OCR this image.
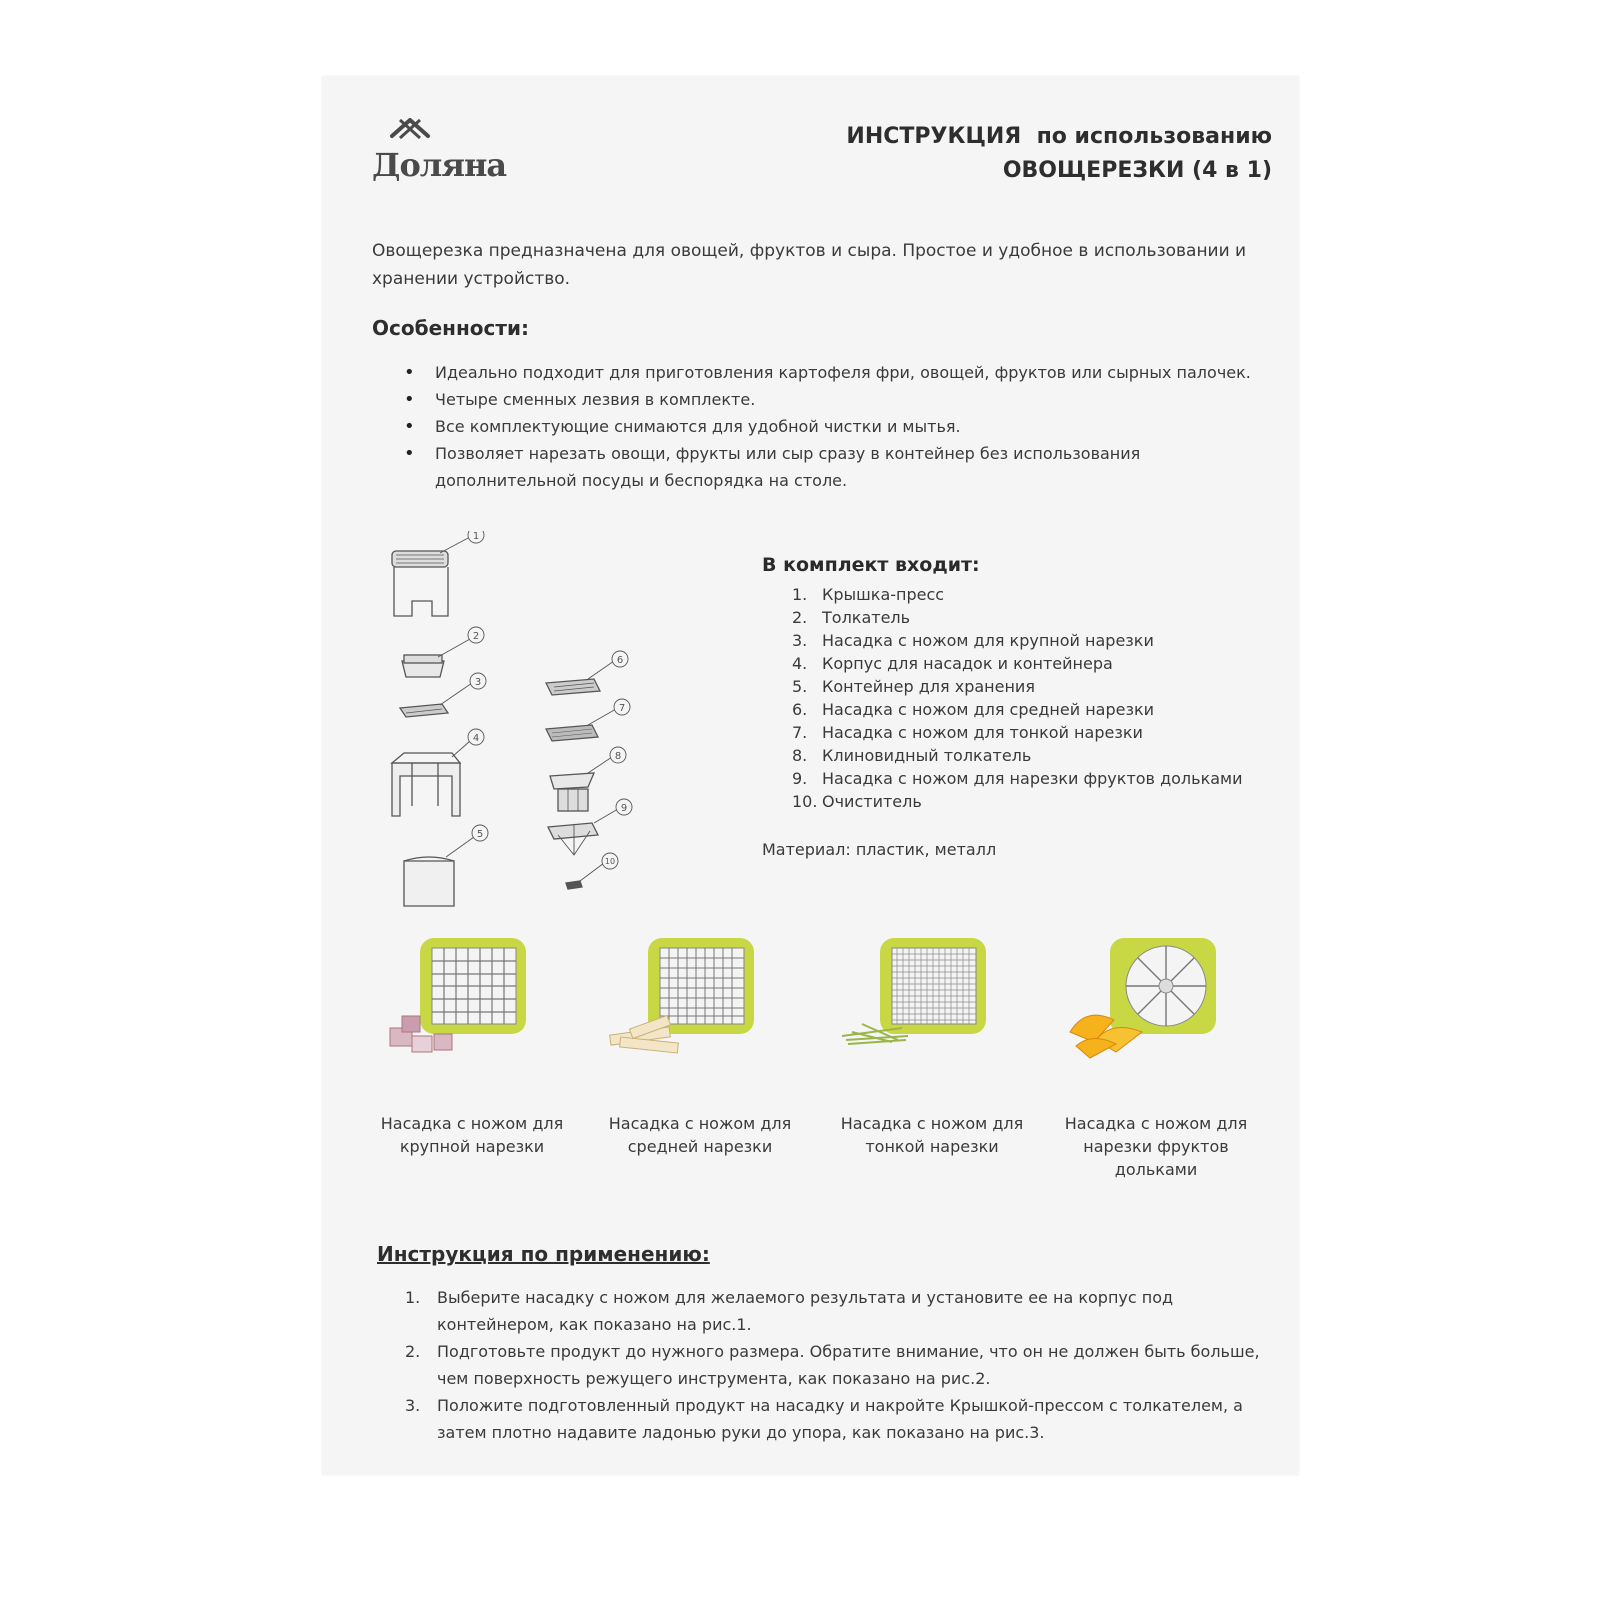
Доляна
ИНСТРУКЦИЯ по использованию
ОВОЩЕРЕЗКИ (4 в 1)
Овощерезка предназначена для овощей, фруктов и сыра. Простое и удобное в использовании и хранении устройство.
Особенности:
• Идеально подходит для приготовления картофеля фри, овощей, фруктов или сырных палочек.
• Четыре сменных лезвия в комплекте.
• Все комплектующие снимаются для удобной чистки и мытья.
• Позволяет нарезать овощи, фрукты или сыр сразу в контейнер без использования дополнительной посуды и беспорядка на столе.
1
2
3
4
5
6
7
8
9
10
В комплект входит:
1. Крышка-пресс
2. Толкатель
3. Насадка с ножом для крупной нарезки
4. Корпус для насадок и контейнера
5. Контейнер для хранения
6. Насадка с ножом для средней нарезки
7. Насадка с ножом для тонкой нарезки
8. Клиновидный толкатель
9. Насадка с ножом для нарезки фруктов дольками
10. Очиститель
Материал: пластик, металл
Насадка с ножом для крупной нарезки
Насадка с ножом для средней нарезки
Насадка с ножом для тонкой нарезки
Насадка с ножом для нарезки фруктов дольками
Инструкция по применению:
1. Выберите насадку с ножом для желаемого результата и установите ее на корпус под контейнером, как показано на рис.1.
2. Подготовьте продукт до нужного размера. Обратите внимание, что он не должен быть больше, чем поверхность режущего инструмента, как показано на рис.2.
3. Положите подготовленный продукт на насадку и накройте Крышкой-прессом с толкателем, а затем плотно надавите ладонью руки до упора, как показано на рис.3.
